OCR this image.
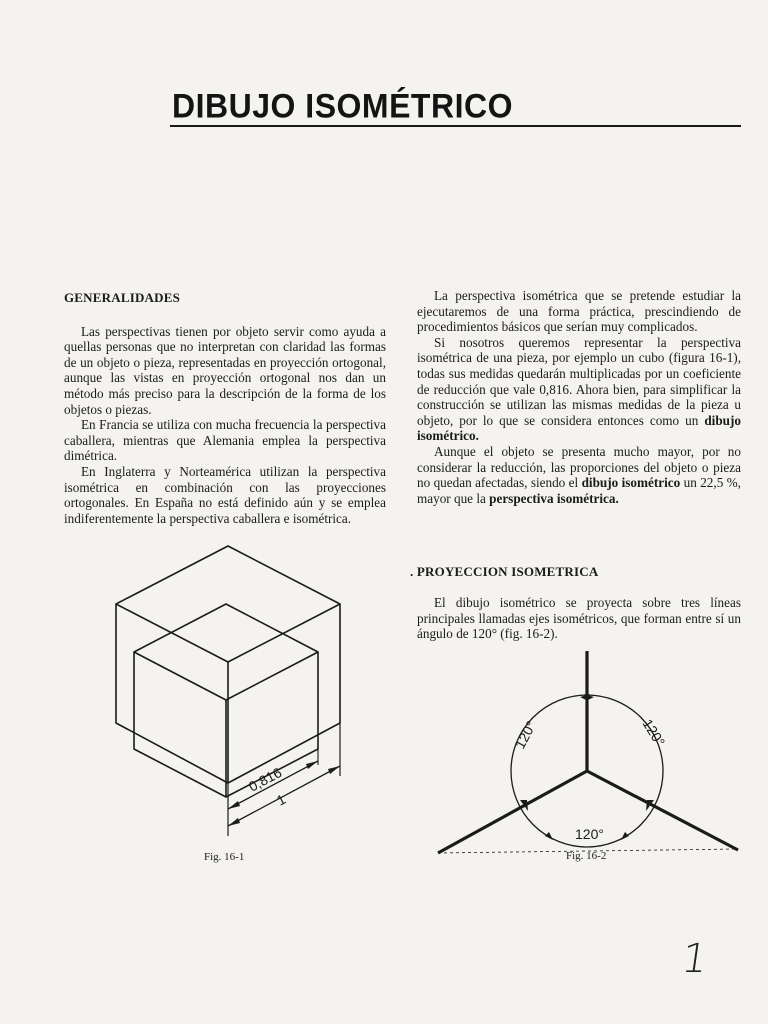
DIBUJO ISOMÉTRICO
GENERALIDADES

Las perspectivas tienen por objeto servir como ayuda a quellas personas que no interpretan con claridad las formas de un objeto o pieza, representadas en proyección ortogonal, aunque las vistas en proyección ortogonal nos dan un método más preciso para la descripción de la forma de los objetos o piezas.

En Francia se utiliza con mucha frecuencia la perspectiva caballera, mientras que Alemania emplea la perspectiva dimétrica.

En Inglaterra y Norteamérica utilizan la perspectiva isométrica en combinación con las proyecciones ortogonales. En España no está definido aún y se emplea indiferentemente la perspectiva caballera e isométrica.

La perspectiva isométrica que se pretende estudiar la ejecutaremos de una forma práctica, prescindiendo de procedimientos básicos que serían muy complicados.

Si nosotros queremos representar la perspectiva isométrica de una pieza, por ejemplo un cubo (figura 16-1), todas sus medidas quedarán multiplicadas por un coeficiente de reducción que vale 0,816. Ahora bien, para simplificar la construcción se utilizan las mismas medidas de la pieza u objeto, por lo que se considera entonces como un dibujo isométrico.

Aunque el objeto se presenta mucho mayor, por no considerar la reducción, las proporciones del objeto o pieza no quedan afectadas, siendo el dibujo isométrico un 22,5 %, mayor que la perspectiva isométrica.

. PROYECCION ISOMETRICA

El dibujo isométrico se proyecta sobre tres líneas principales llamadas ejes isométricos, que forman entre sí un ángulo de 120° (fig. 16-2).

0,816
1
120°	120°
120°
Fig. 16-1	Fig. 16-2
1
